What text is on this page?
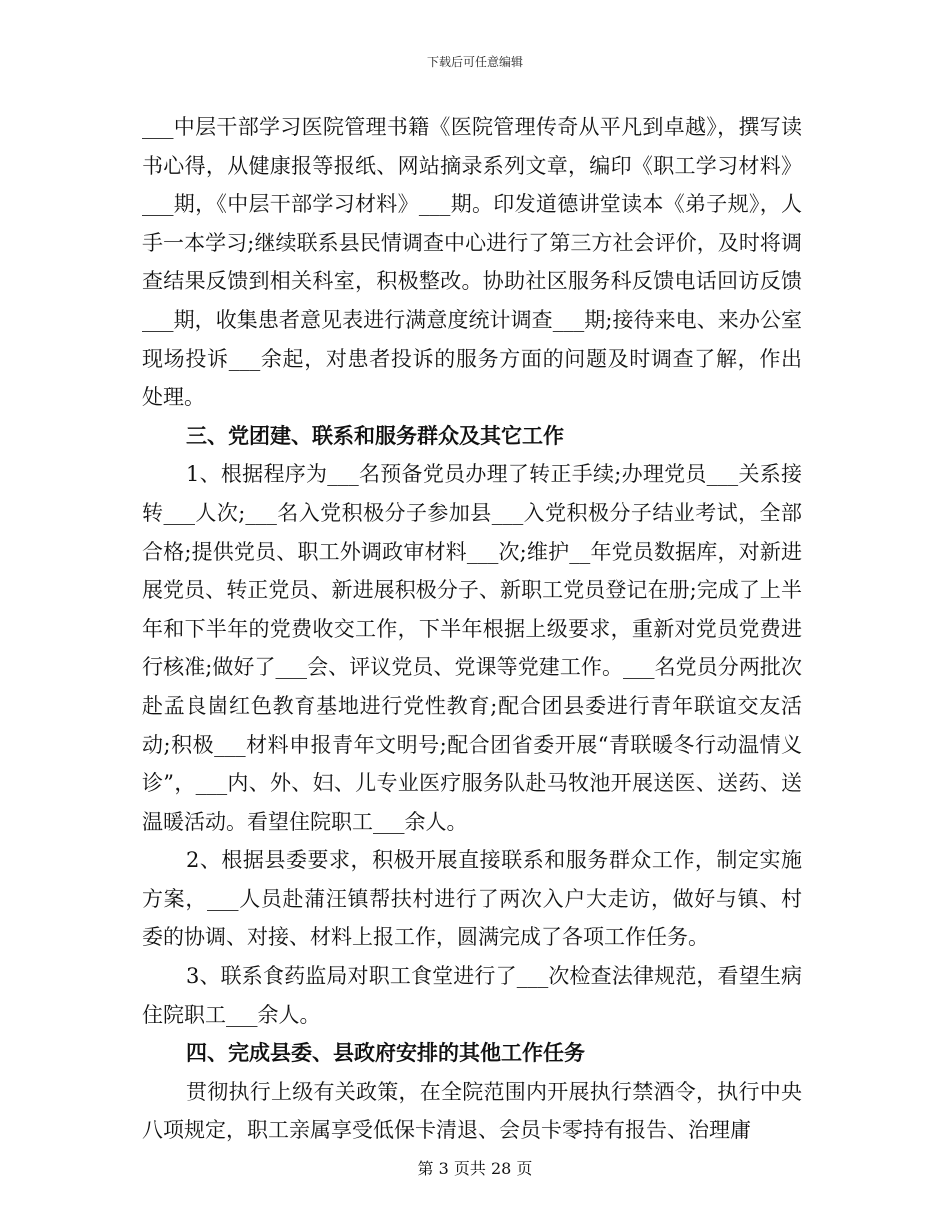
下载后可任意编辑

___中层干部学习医院管理书籍《医院管理传奇从平凡到卓越》，撰写读书心得，从健康报等报纸、网站摘录系列文章，编印《职工学习材料》___期，《中层干部学习材料》___期。印发道德讲堂读本《弟子规》，人手一本学习;继续联系县民情调查中心进行了第三方社会评价，及时将调查结果反馈到相关科室，积极整改。协助社区服务科反馈电话回访反馈___期，收集患者意见表进行满意度统计调查___期;接待来电、来办公室现场投诉___余起，对患者投诉的服务方面的问题及时调查了解，作出处理。

三、党团建、联系和服务群众及其它工作

1、根据程序为___名预备党员办理了转正手续;办理党员___关系接转___人次;___名入党积极分子参加县___入党积极分子结业考试，全部合格;提供党员、职工外调政审材料___次;维护__年党员数据库，对新进展党员、转正党员、新进展积极分子、新职工党员登记在册;完成了上半年和下半年的党费收交工作，下半年根据上级要求，重新对党员党费进行核准;做好了___会、评议党员、党课等党建工作。___名党员分两批次赴孟良崮红色教育基地进行党性教育;配合团县委进行青年联谊交友活动;积极___材料申报青年文明号;配合团省委开展“青联暖冬行动温情义诊”，___内、外、妇、儿专业医疗服务队赴马牧池开展送医、送药、送温暖活动。看望住院职工___余人。

2、根据县委要求，积极开展直接联系和服务群众工作，制定实施方案，___人员赴蒲汪镇帮扶村进行了两次入户大走访，做好与镇、村委的协调、对接、材料上报工作，圆满完成了各项工作任务。

3、联系食药监局对职工食堂进行了___次检查法律规范，看望生病住院职工___余人。

四、完成县委、县政府安排的其他工作任务

贯彻执行上级有关政策，在全院范围内开展执行禁酒令，执行中央八项规定，职工亲属享受低保卡清退、会员卡零持有报告、治理庸

第 3 页共 28 页
